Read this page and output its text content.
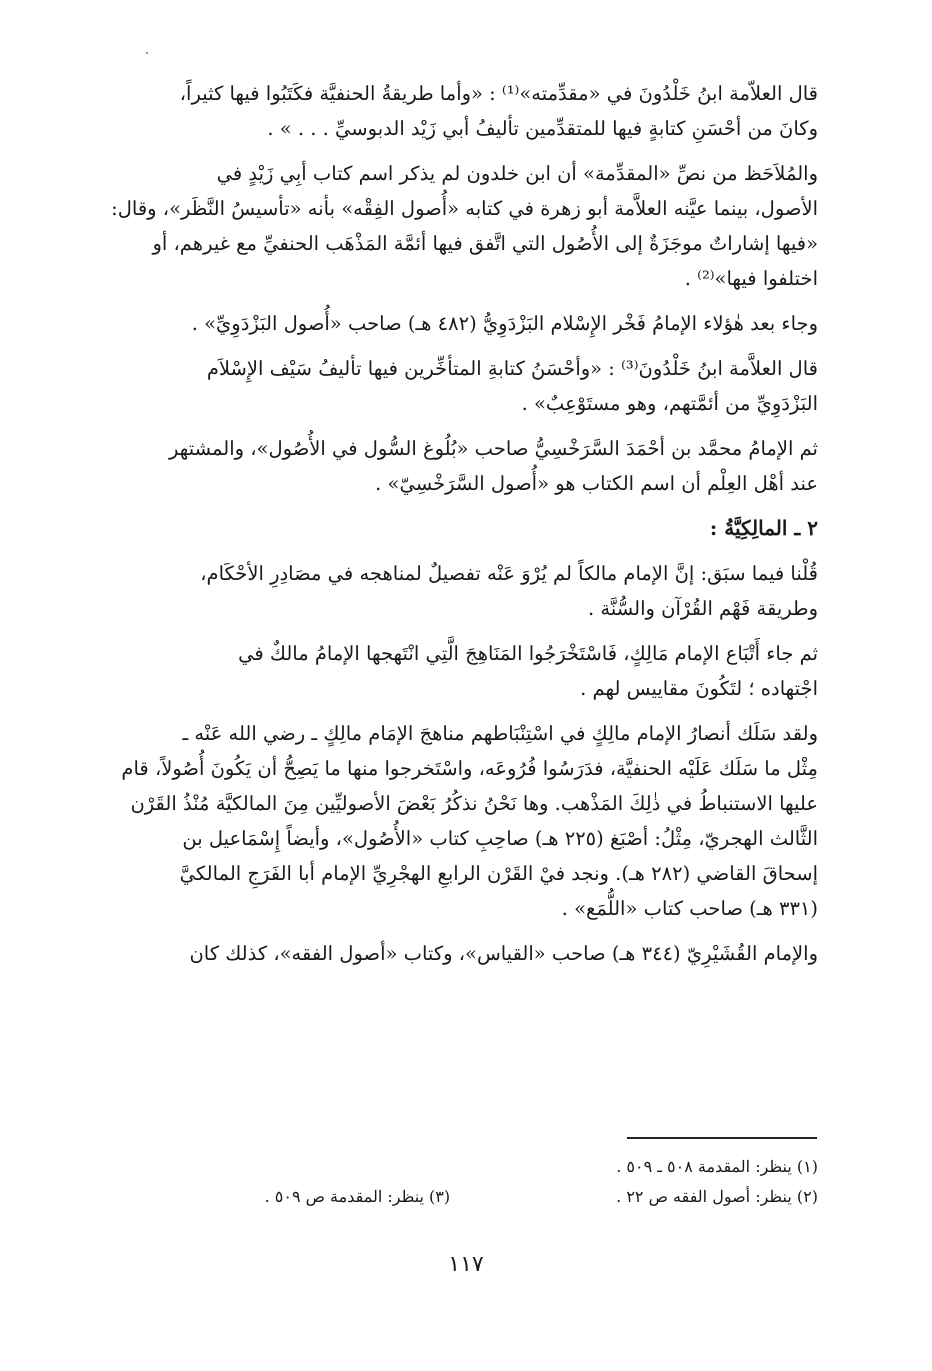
قال العلاّمة ابنُ خَلْدُونَ في «مقدِّمته»⁽¹⁾ : «وأما طريقةُ الحنفيَّة فكَتَبُوا فيها كثيراً،
وكانَ من أحْسَنِ كتابةٍ فيها للمتقدِّمين تأليفُ أبي زَيْد الدبوسيِّ . . . » .

والمُلاَحَظ من نصِّ «المقدِّمة» أن ابن خلدون لم يذكر اسم كتاب أبِي زَيْدٍ في
الأصول، بينما عيَّنه العلاَّمة أبو زهرة في كتابه «أُصول الفِقْه» بأنه «تأسيسُ النَّظَر»، وقال:
«فيها إشاراتٌ موجَزَةٌ إلى الأُصُول التي اتَّفق فيها أئمَّة المَذْهَب الحنفيِّ مع غيرهم، أو
اختلفوا فيها»⁽²⁾ .

وجاء بعد هٰؤلاء الإمامُ فَخْر الإِسْلام البَزْدَوِيُّ (٤٨٢ هـ) صاحب «أُصول البَزْدَوِيِّ» .

قال العلاَّمة ابنُ خَلْدُونَ⁽³⁾ : «وأحْسَنُ كتابةِ المتأخِّرين فيها تأليفُ سَيْف الإِسْلاَم
البَزْدَوِيِّ من أئمَّتهم، وهو مستَوْعِبٌ» .

ثم الإمامُ محمَّد بن أحْمَدَ السَّرَخْسِيُّ صاحب «بُلُوغ السُّول في الأُصُول»، والمشتهر
عند أهْل العِلْم أن اسم الكتاب هو «أُصول السَّرَخْسِيّ» .

٢ ـ المالِكِيَّةُ :

قُلْنا فيما سبَق: إنَّ الإمام مالكاً لم يُرْوَ عَنْه تفصيلٌ لمناهجه في مصَادِرِ الأحْكَام،
وطريقة فَهْم القُرْآن والسُّنَّة .

ثم جاء أَتْبَاع الإمام مَالِكٍ، فَاسْتَخْرَجُوا المَنَاهِجَ الَّتِي انْتَهجها الإمامُ مالكٌ في
اجْتهاده ؛ لتَكُونَ مقاييس لهم .

ولقد سَلَك أنصارُ الإمام مالِكٍ في اسْتِنْبَاطهم مناهجَ الإمَام مالِكٍ ـ رضي الله عَنْه ـ
مِثْل ما سَلَك عَلَيْه الحنفيَّة، فدَرَسُوا فُرُوعَه، واسْتَخرجوا منها ما يَصِحُّ أن يَكُونَ أُصُولاً، قام
عليها الاستنباطُ في ذٰلِكَ المَذْهب. وها نَحْنُ نذكُرُ بَعْضَ الأصوليِّين مِنَ المالكيَّة مُنْذُ القَرْن
الثَّالث الهجريّ، مِثْلُ: أصْبَغ (٢٢٥ هـ) صاحِبِ كتاب «الأُصُول»، وأيضاً إِسْمَاعيل بن
إسحاقَ القاضي (٢٨٢ هـ). ونجد فيْ القَرْن الرابعِ الهجْرِيِّ الإمام أبا الفَرَجِ المالكيَّ
(٣٣١ هـ) صاحب كتاب «اللُّمَع» .

والإمام القُشَيْرِيّ (٣٤٤ هـ) صاحب «القياس»، وكتاب «أصول الفقه»، كذلك كان

(١) ينظر: المقدمة ٥٠٨ ـ ٥٠٩ .
(٢) ينظر: أصول الفقه ص ٢٢ .
(٣) ينظر: المقدمة ص ٥٠٩ .
١١٧
